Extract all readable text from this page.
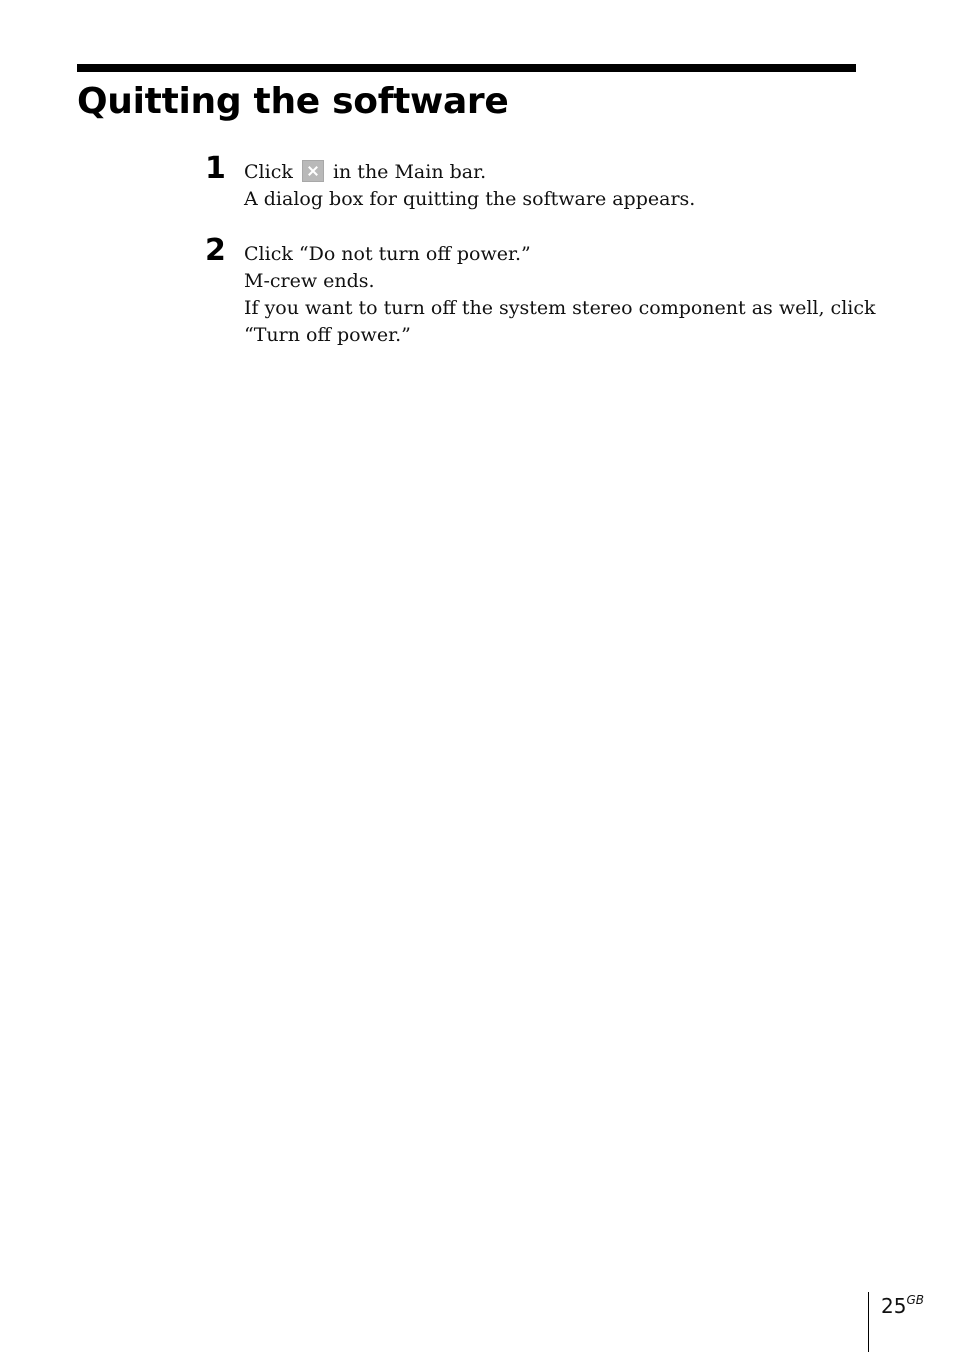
Quitting the software
1 Click in the Main bar.
A dialog box for quitting the software appears.
2 Click “Do not turn off power.”
M-crew ends.
If you want to turn off the system stereo component as well, click
“Turn off power.”
$25^{GB}$
